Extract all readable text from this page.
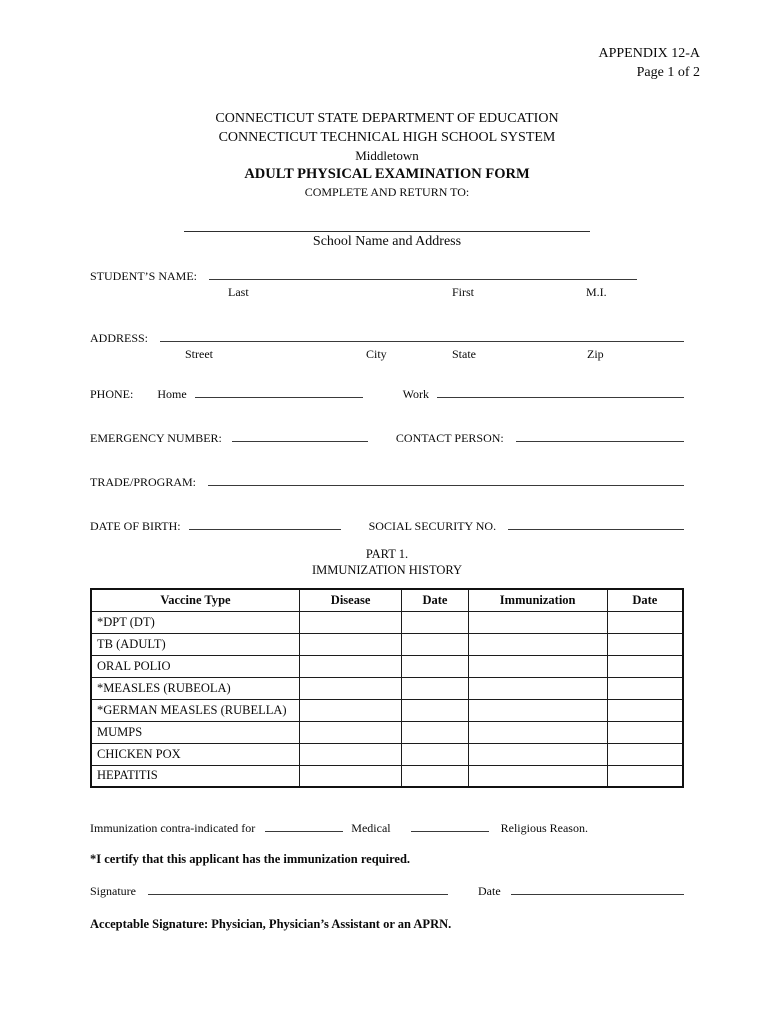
APPENDIX 12-A
Page 1 of 2
CONNECTICUT STATE DEPARTMENT OF EDUCATION
CONNECTICUT TECHNICAL HIGH SCHOOL SYSTEM
Middletown
ADULT PHYSICAL EXAMINATION FORM
COMPLETE AND RETURN TO:
School Name and Address
STUDENT’S NAME:
Last	First	M.I.
ADDRESS:
Street	City	State	Zip
PHONE: Home	Work
EMERGENCY NUMBER:	CONTACT PERSON:
TRADE/PROGRAM:
DATE OF BIRTH:	SOCIAL SECURITY NO.
PART 1.
IMMUNIZATION HISTORY
Vaccine Type	Disease	Date	Immunization	Date
*DPT (DT)				
TB (ADULT)				
ORAL POLIO				
*MEASLES (RUBEOLA)				
*GERMAN MEASLES (RUBELLA)				
MUMPS				
CHICKEN POX				
HEPATITIS				
Immunization contra-indicated for	Medical	Religious Reason.
*I certify that this applicant has the immunization required.
Signature	Date
Acceptable Signature: Physician, Physician’s Assistant or an APRN.
